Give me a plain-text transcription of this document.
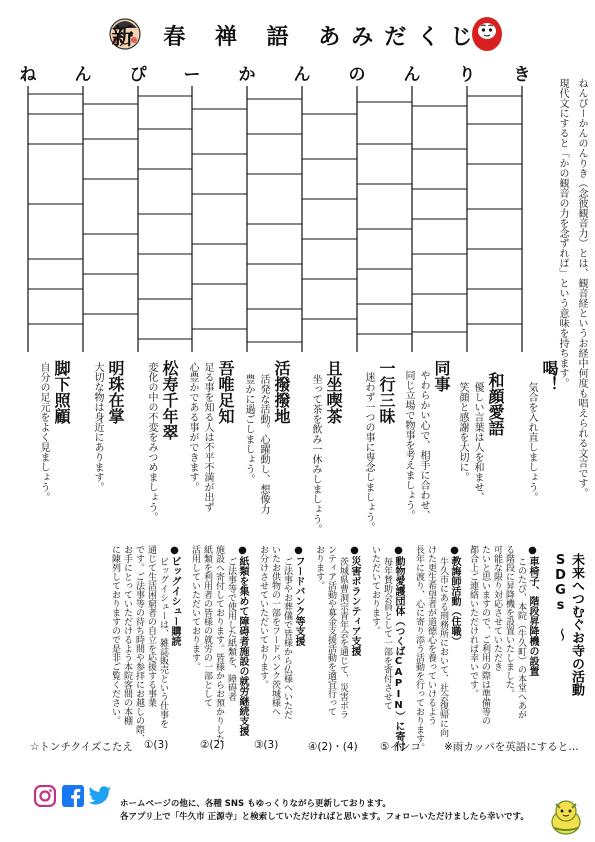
新 春 禅 語 あみだくじ
ね ん ぴ ー か ん の ん り き
ねんぴーかんのんりき（念彼観音力）とは、観音経というお経中何度も唱えられる文言です。
現代文にすると「かの観音の力を念ずれば」という意味を持ちます。
喝！
気合を入れ直しましょう。
和顔愛語
優しい言葉は人を和ませ、
笑顔と感謝を大切に。
同事
やわらかい心で、相手に合わせ、
同じ立場で物事を考えましょう。
一行三昧
迷わず一つの事に専念しましょう。
且坐喫茶
坐って茶を飲み一休みしましょう。
活撥撥地
活発な活動。心躍動し、想像力
豊かに過ごしましょう。
吾唯足知
足る事を知る人は不平不満が出ず
心豊かである事ができます。
松寿千年翠
変化の中の不変をみつめましょう。
明珠在掌
大切な物は身近にあります。
脚下照顧
自分の足元をよく見ましょう。
SDGs ～ 未来へつむぐお寺の活動
●車椅子、階段昇降機の設置
このたび、本院（牛久町）の本堂へあが
る階段に昇降機を設置いたしました。
可能な限り対応させていただき
たいと思いますので、ご利用の際は準備等の
都合上ご連絡いただければ幸いです。
●教誨師活動（住職）
牛久市にある刑務所において、社会復帰に向
けた更生希望者が道徳心を養っていけるよう
長年に渡り、心に寄り添う活動を行っております。
●動物愛護団体（つくばCAPIN）に寄付
毎年賛助会員として一部を寄付させて
いただいております。
●災害ボランティア支援
茨城県曹洞宗青年会を通じて、災害ボラ
ンティア活動や募金支援活動を適宜行って
おります。
●フードバンク等支援
ご法事やお葬儀で皆様から仏様へいただ
いたお供物の一部をフードバンク茨城様へ
お分けさせていただいております。
●紙類を集めて障碍者施設の就労継続支援
ご法事等で使用した紙類を、障碍者
施設へ寄付しております。皆様からお預かりした
紙類を利用者の皆様の就労の一部として
活用していただいております。
●ビッグイシュー購読
ビッグイシューは、雑誌販売という仕事を
通じて生活困窮者の自立を応援する事業
です。ご法事等の待ち時間や参拝にお越しの際、
お手にとっていただけるよう本院客間の本棚
に陳列しておりますので是非ご覧ください。
☆トンチクイズこたえ ①(3)	②(2)	③(3)	④(2)・(4) ⑤インコ ※雨カッパを英語にすると…
ホームページの他に、各種 SNS もゆっくりながら更新しております。
各アプリ上で「牛久市 正源寺」と検索していただければと思います。フォローいただけましたら幸いです。
